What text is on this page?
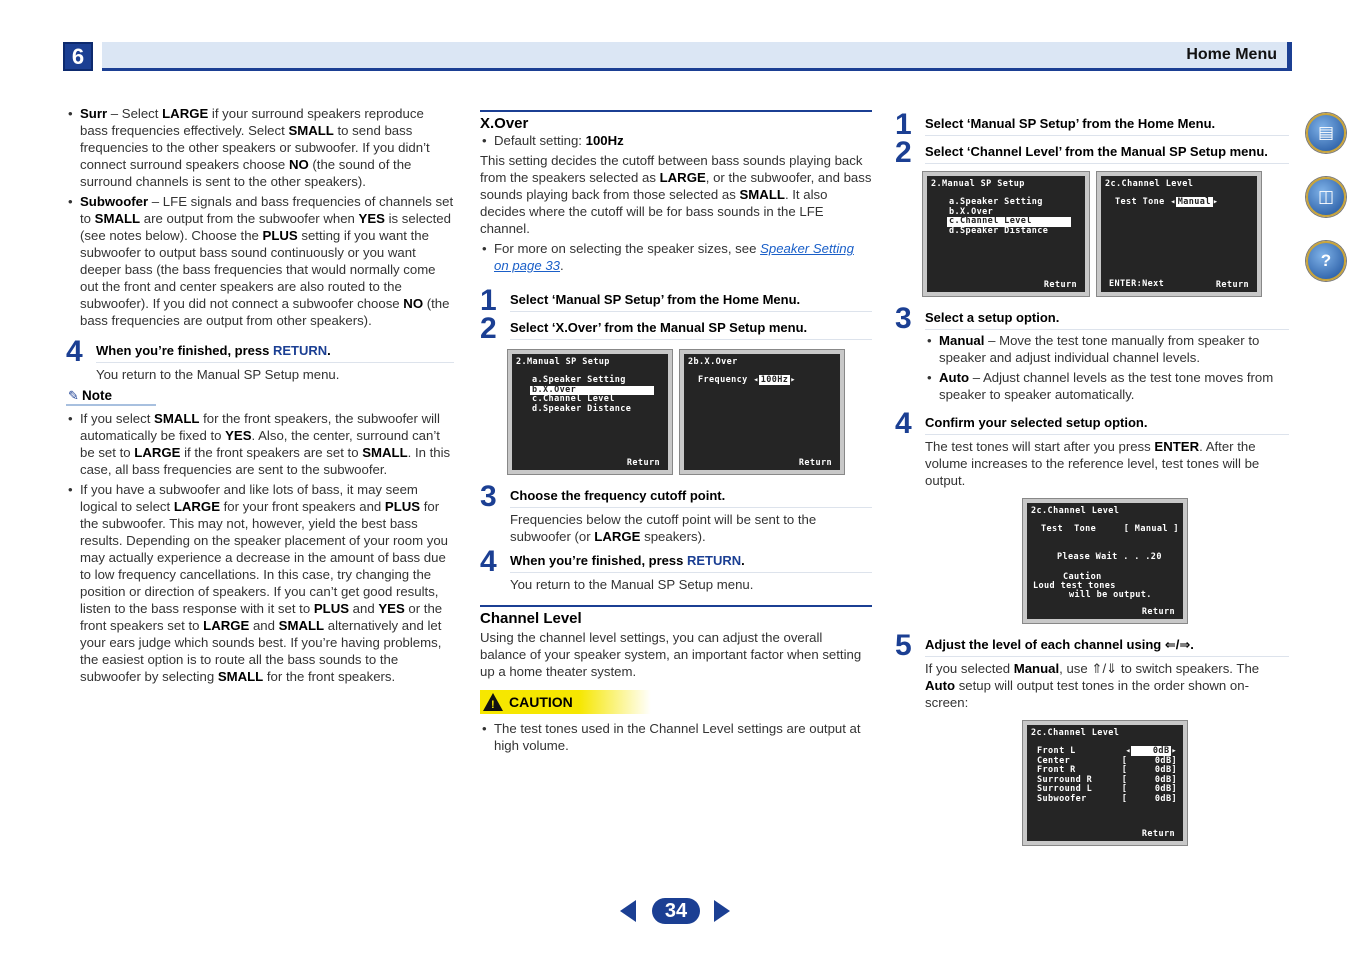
6	Home Menu
• Surr – Select LARGE if your surround speakers reproduce bass frequencies effectively. Select SMALL to send bass frequencies to the other speakers or subwoofer. If you didn’t connect surround speakers choose NO (the sound of the surround channels is sent to the other speakers).
• Subwoofer – LFE signals and bass frequencies of channels set to SMALL are output from the subwoofer when YES is selected (see notes below). Choose the PLUS setting if you want the subwoofer to output bass sound continuously or you want deeper bass (the bass frequencies that would normally come out the front and center speakers are also routed to the subwoofer). If you did not connect a subwoofer choose NO (the bass frequencies are output from other speakers).
4 When you’re finished, press RETURN.
You return to the Manual SP Setup menu.
✎ Note
• If you select SMALL for the front speakers, the subwoofer will automatically be fixed to YES. Also, the center, surround can’t be set to LARGE if the front speakers are set to SMALL. In this case, all bass frequencies are sent to the subwoofer.
• If you have a subwoofer and like lots of bass, it may seem logical to select LARGE for your front speakers and PLUS for the subwoofer. This may not, however, yield the best bass results. Depending on the speaker placement of your room you may actually experience a decrease in the amount of bass due to low frequency cancellations. In this case, try changing the position or direction of speakers. If you can’t get good results, listen to the bass response with it set to PLUS and YES or the front speakers set to LARGE and SMALL alternatively and let your ears judge which sounds best. If you’re having problems, the easiest option is to route all the bass sounds to the subwoofer by selecting SMALL for the front speakers.
X.Over
• Default setting: 100Hz
This setting decides the cutoff between bass sounds playing back from the speakers selected as LARGE, or the subwoofer, and bass sounds playing back from those selected as SMALL. It also decides where the cutoff will be for bass sounds in the LFE channel.
• For more on selecting the speaker sizes, see Speaker Setting on page 33.
1 Select ‘Manual SP Setup’ from the Home Menu.
2 Select ‘X.Over’ from the Manual SP Setup menu.
2.Manual SP Setup
a.Speaker Setting
b.X.Over
c.Channel Level
d.Speaker Distance
Return
2b.X.Over
Frequency ◂ 100Hz ▸
Return
3 Choose the frequency cutoff point.
Frequencies below the cutoff point will be sent to the subwoofer (or LARGE speakers).
4 When you’re finished, press RETURN.
You return to the Manual SP Setup menu.
Channel Level
Using the channel level settings, you can adjust the overall balance of your speaker system, an important factor when setting up a home theater system.
! CAUTION
• The test tones used in the Channel Level settings are output at high volume.
1 Select ‘Manual SP Setup’ from the Home Menu.
2 Select ‘Channel Level’ from the Manual SP Setup menu.
2.Manual SP Setup
a.Speaker Setting
b.X.Over
c.Channel Level
d.Speaker Distance
Return
2c.Channel Level
Test Tone ◂ Manual ▸
ENTER:Next	Return
3 Select a setup option.
• Manual – Move the test tone manually from speaker to speaker and adjust individual channel levels.
• Auto – Adjust channel levels as the test tone moves from speaker to speaker automatically.
4 Confirm your selected setup option.
The test tones will start after you press ENTER. After the volume increases to the reference level, test tones will be output.
2c.Channel Level
Test  Tone     [ Manual ]
Please Wait . . .20
Caution
Loud test tones
will be output.
Return
5 Adjust the level of each channel using ⇐/⇒.
If you selected Manual, use ⇑/⇓ to switch speakers. The Auto setup will output test tones in the order shown on-screen:
2c.Channel Level
Front L	◂	0dB ▸
Center	[     0dB]
Front R	[     0dB]
Surround R	[     0dB]
Surround L	[     0dB]
Subwoofer	[     0dB]
Return
▤
◫
?
34
